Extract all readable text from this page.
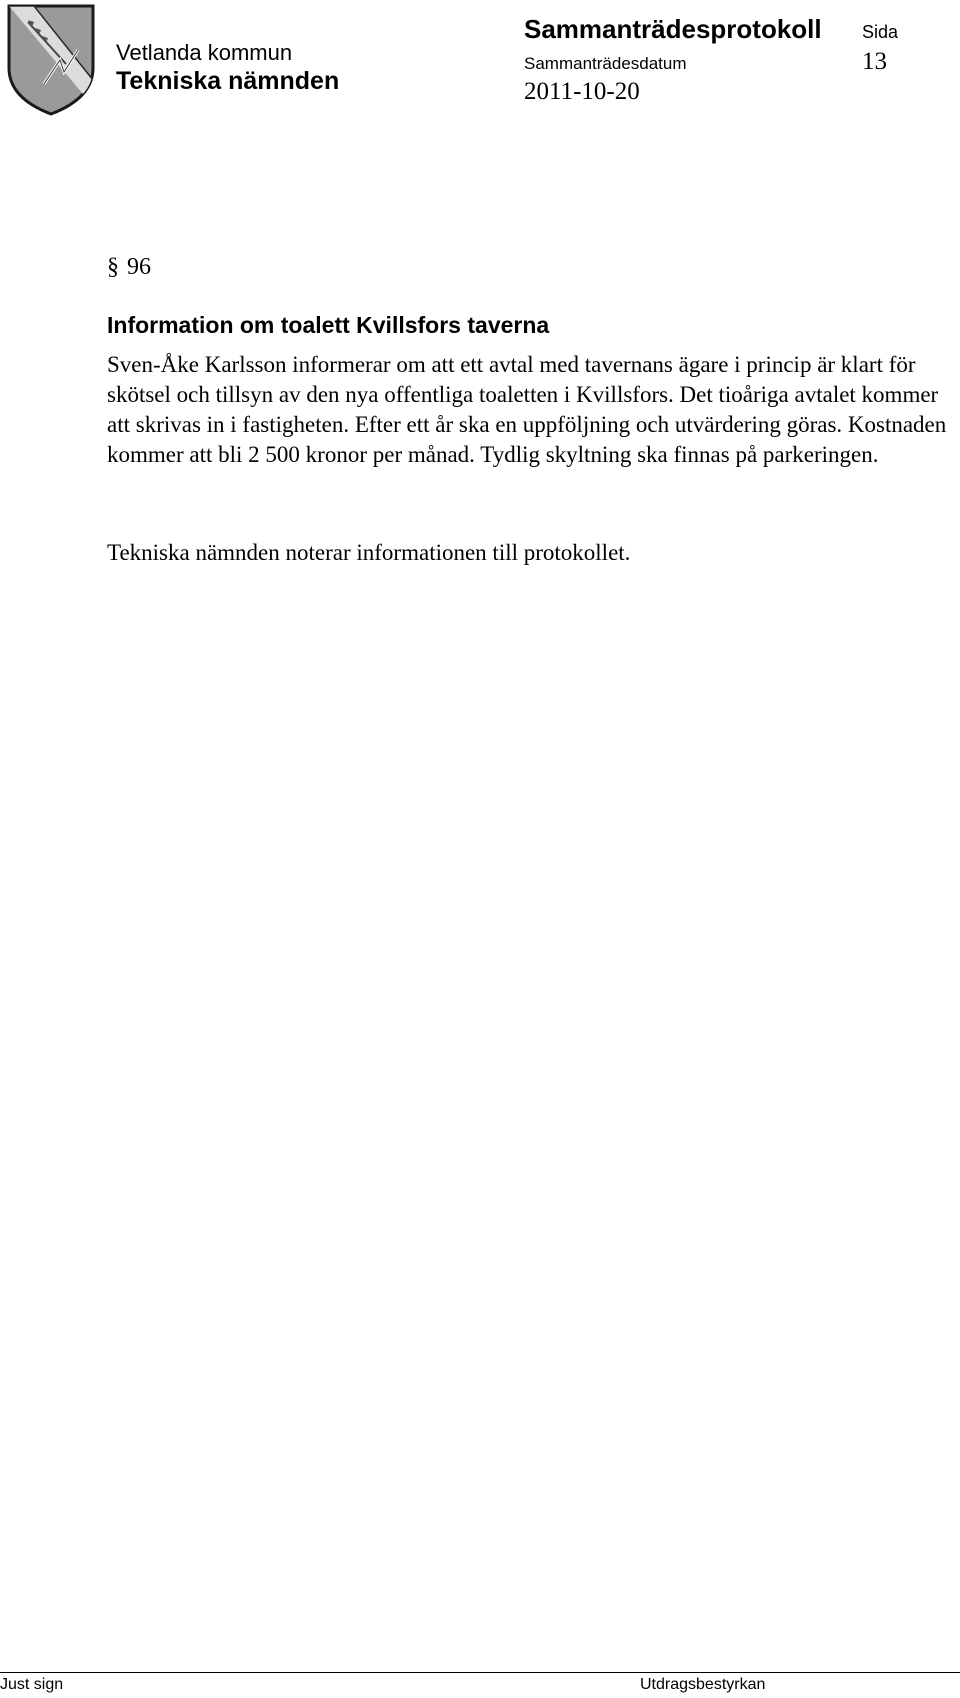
Vetlanda kommun
Tekniska nämnden
Sammanträdesprotokoll
Sammanträdesdatum
2011-10-20
Sida
13
§ 96
Information om toalett Kvillsfors taverna

Sven-Åke Karlsson informerar om att ett avtal med tavernans ägare i princip är klart för skötsel och tillsyn av den nya offentliga toaletten i Kvillsfors. Det tioåriga avtalet kommer att skrivas in i fastigheten. Efter ett år ska en uppföljning och utvärdering göras. Kostnaden kommer att bli 2 500 kronor per månad. Tydlig skyltning ska finnas på parkeringen.

Tekniska nämnden noterar informationen till protokollet.
Just sign	Utdragsbestyrkan
